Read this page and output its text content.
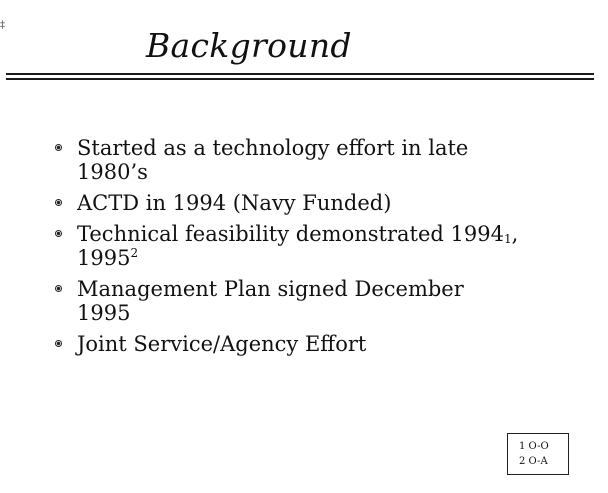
‡
Background
Started as a technology effort in late 1980’s
ACTD in 1994 (Navy Funded)
Technical feasibility demonstrated $1994_1$, 1995$^2$
Management Plan signed December 1995
Joint Service/Agency Effort
1 O-O
2 O-A
